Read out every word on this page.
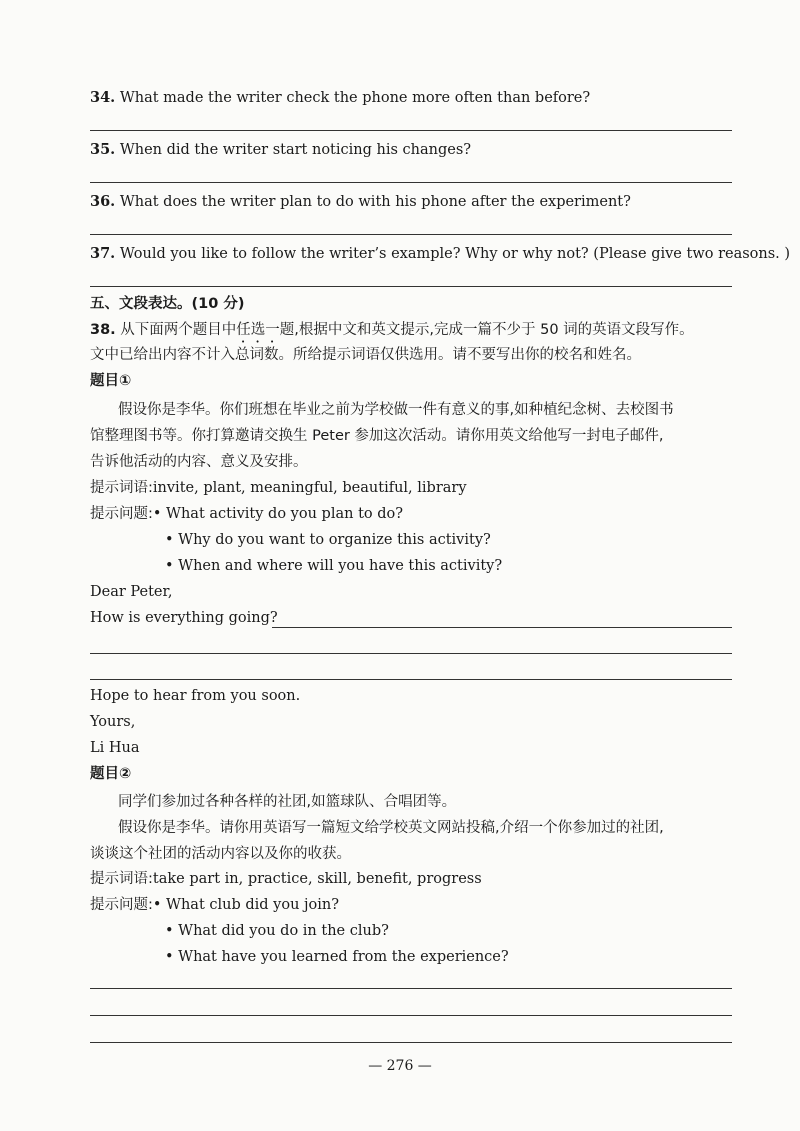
34. What made the writer check the phone more often than before?
35. When did the writer start noticing his changes?
36. What does the writer plan to do with his phone after the experiment?
37. Would you like to follow the writer’s example? Why or why not? (Please give two reasons. )
五、文段表达。(10 分)
38. 从下面两个题目中任选一题,根据中文和英文提示,完成一篇不少于 50 词的英语文段写作。
文中已给出内容不计入总词数。所给提示词语仅供选用。请不要写出你的校名和姓名。
题目①
假设你是李华。你们班想在毕业之前为学校做一件有意义的事,如种植纪念树、去校图书
馆整理图书等。你打算邀请交换生 Peter 参加这次活动。请你用英文给他写一封电子邮件,
告诉他活动的内容、意义及安排。
提示词语:invite, plant, meaningful, beautiful, library
提示问题:• What activity do you plan to do?
• Why do you want to organize this activity?
• When and where will you have this activity?
Dear Peter,
How is everything going?
Hope to hear from you soon.
Yours,
Li Hua
题目②
同学们参加过各种各样的社团,如篮球队、合唱团等。
假设你是李华。请你用英语写一篇短文给学校英文网站投稿,介绍一个你参加过的社团,
谈谈这个社团的活动内容以及你的收获。
提示词语:take part in, practice, skill, benefit, progress
提示问题:• What club did you join?
• What did you do in the club?
• What have you learned from the experience?
— 276 —
